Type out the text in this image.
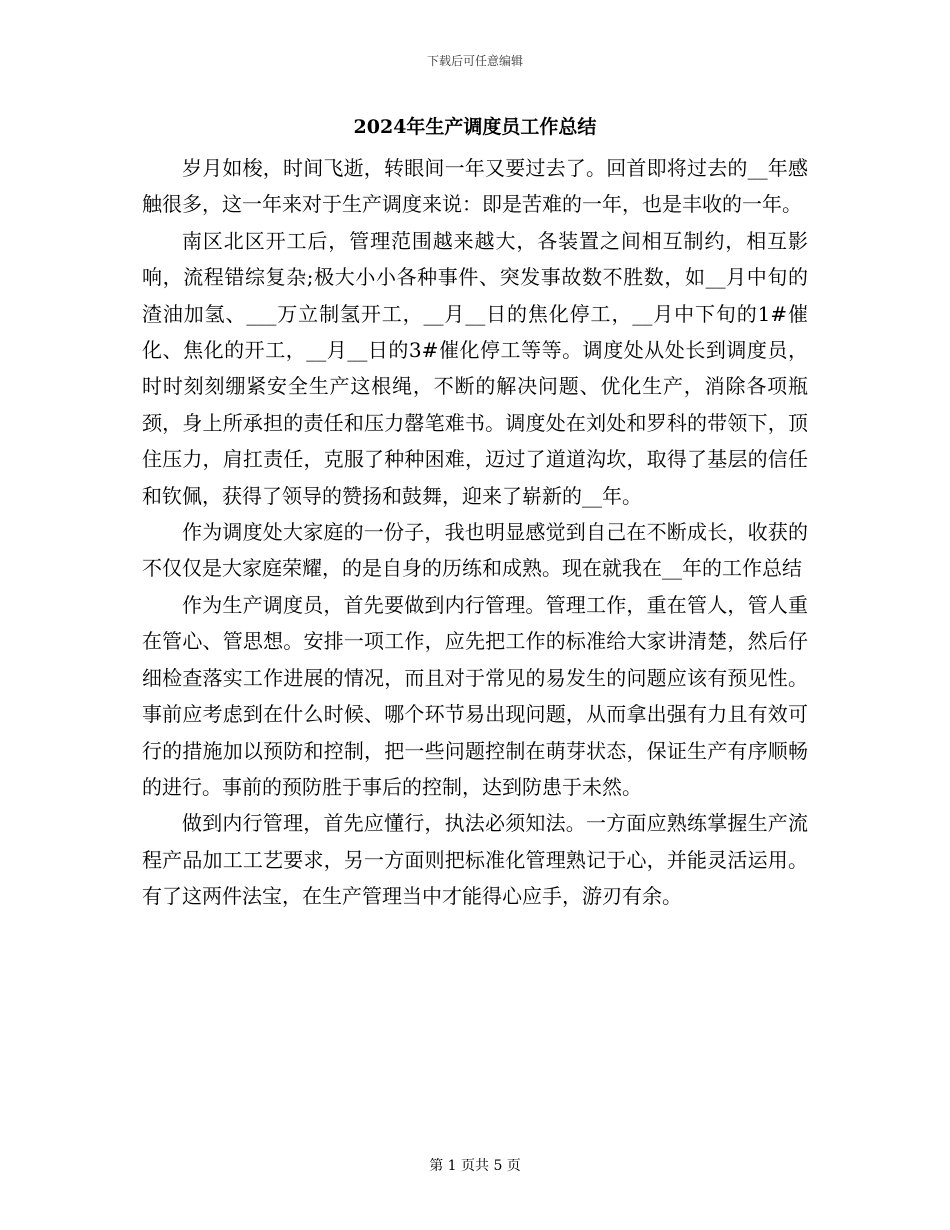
下载后可任意编辑
2024年生产调度员工作总结

岁月如梭，时间飞逝，转眼间一年又要过去了。回首即将过去的__年感触很多，这一年来对于生产调度来说：即是苦难的一年，也是丰收的一年。

南区北区开工后，管理范围越来越大，各装置之间相互制约，相互影响，流程错综复杂;极大小小各种事件、突发事故数不胜数，如__月中旬的渣油加氢、___万立制氢开工，__月__日的焦化停工，__月中下旬的1#催化、焦化的开工，__月__日的3#催化停工等等。调度处从处长到调度员，时时刻刻绷紧安全生产这根绳，不断的解决问题、优化生产，消除各项瓶颈，身上所承担的责任和压力罄笔难书。调度处在刘处和罗科的带领下，顶住压力，肩扛责任，克服了种种困难，迈过了道道沟坎，取得了基层的信任和钦佩，获得了领导的赞扬和鼓舞，迎来了崭新的__年。

作为调度处大家庭的一份子，我也明显感觉到自己在不断成长，收获的不仅仅是大家庭荣耀，的是自身的历练和成熟。现在就我在__年的工作总结

作为生产调度员，首先要做到内行管理。管理工作，重在管人，管人重在管心、管思想。安排一项工作，应先把工作的标准给大家讲清楚，然后仔细检查落实工作进展的情况，而且对于常见的易发生的问题应该有预见性。事前应考虑到在什么时候、哪个环节易出现问题，从而拿出强有力且有效可行的措施加以预防和控制，把一些问题控制在萌芽状态，保证生产有序顺畅的进行。事前的预防胜于事后的控制，达到防患于未然。

做到内行管理，首先应懂行，执法必须知法。一方面应熟练掌握生产流程产品加工工艺要求，另一方面则把标准化管理熟记于心，并能灵活运用。有了这两件法宝，在生产管理当中才能得心应手，游刃有余。

第 1 页共 5 页
